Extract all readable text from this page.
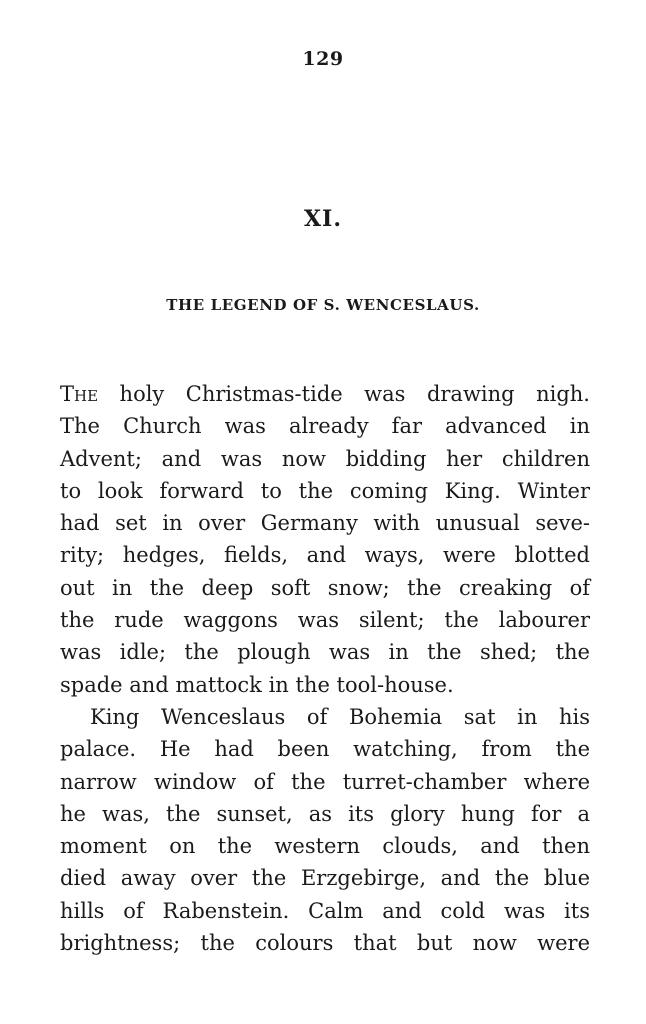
129
XI.
THE LEGEND OF S. WENCESLAUS.
The holy Christmas-tide was drawing nigh.
The Church was already far advanced in
Advent; and was now bidding her children
to look forward to the coming King. Winter
had set in over Germany with unusual seve-
rity; hedges, fields, and ways, were blotted
out in the deep soft snow; the creaking of
the rude waggons was silent; the labourer
was idle; the plough was in the shed; the
spade and mattock in the tool-house.
King Wenceslaus of Bohemia sat in his
palace. He had been watching, from the
narrow window of the turret-chamber where
he was, the sunset, as its glory hung for a
moment on the western clouds, and then
died away over the Erzgebirge, and the blue
hills of Rabenstein. Calm and cold was its
brightness; the colours that but now were
